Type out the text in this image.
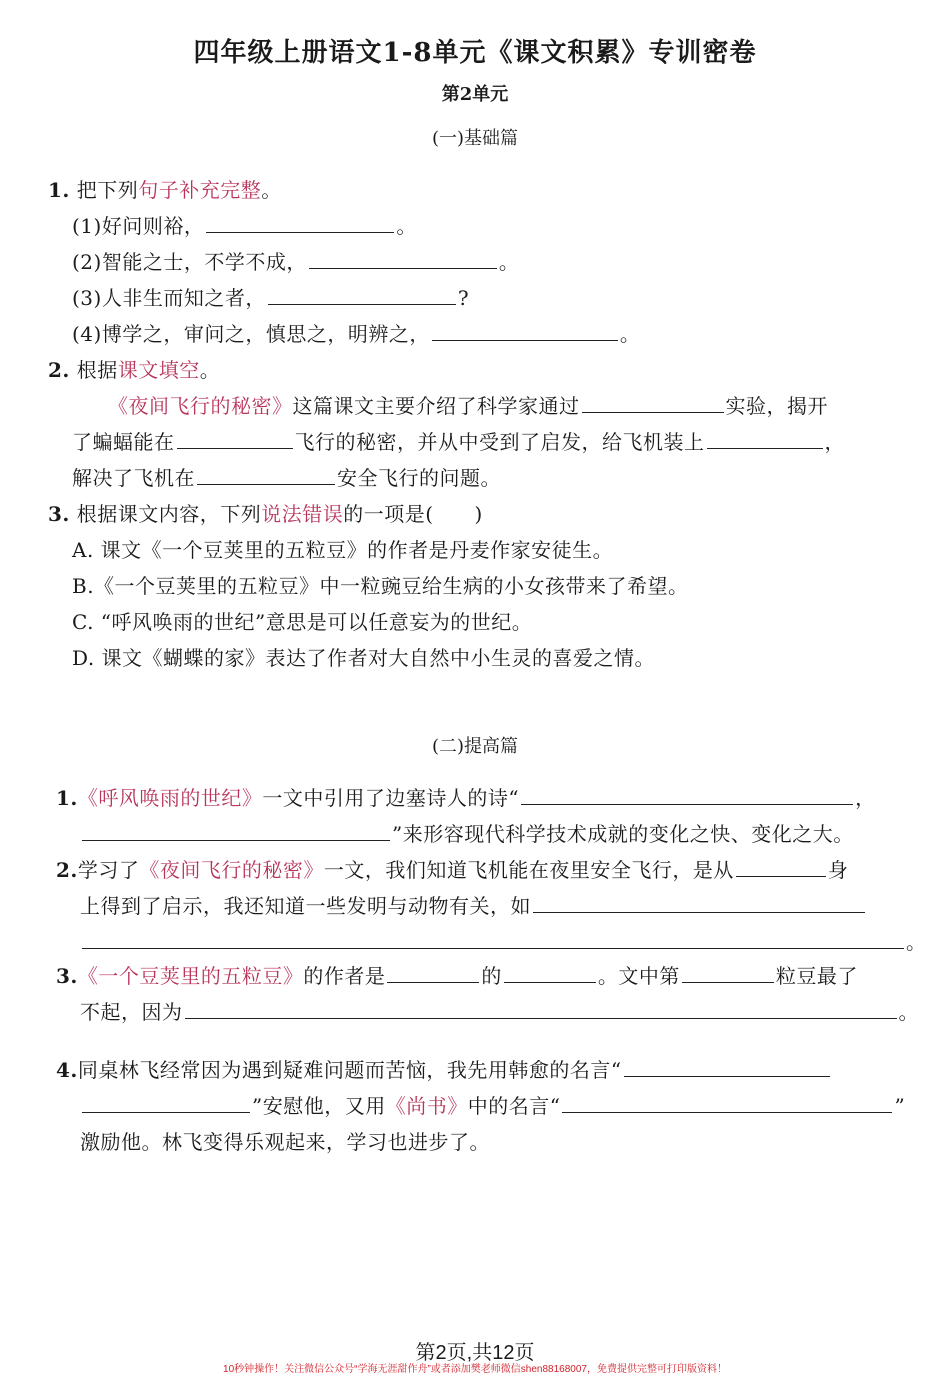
四年级上册语文1-8单元《课文积累》专训密卷
第2单元
(一)基础篇
1. 把下列句子补充完整。
(1)好问则裕，	。
(2)智能之士，不学不成，	。
(3)人非生而知之者，	?
(4)博学之，审问之，慎思之，明辨之，	。
2. 根据课文填空。
《夜间飞行的秘密》这篇课文主要介绍了科学家通过	实验，揭开
了蝙蝠能在	飞行的秘密，并从中受到了启发，给飞机装上	，
解决了飞机在	安全飞行的问题。
3. 根据课文内容，下列说法错误的一项是(　　)
A. 课文《一个豆荚里的五粒豆》的作者是丹麦作家安徒生。
B.《一个豆荚里的五粒豆》中一粒豌豆给生病的小女孩带来了希望。
C. “呼风唤雨的世纪”意思是可以任意妄为的世纪。
D. 课文《蝴蝶的家》表达了作者对大自然中小生灵的喜爱之情。
(二)提高篇
1.《呼风唤雨的世纪》一文中引用了边塞诗人的诗“	，
”来形容现代科学技术成就的变化之快、变化之大。
2.学习了《夜间飞行的秘密》一文，我们知道飞机能在夜里安全飞行，是从	身
上得到了启示，我还知道一些发明与动物有关，如
。
3.《一个豆荚里的五粒豆》的作者是	的	。文中第	粒豆最了
不起，因为	。
4.同桌林飞经常因为遇到疑难问题而苦恼，我先用韩愈的名言“
”安慰他，又用《尚书》中的名言“	”
激励他。林飞变得乐观起来，学习也进步了。
第2页,共12页
10秒钟操作！关注微信公众号“学海无涯甜作舟”或者添加樊老师微信shen88168007，免费提供完整可打印版资料！
